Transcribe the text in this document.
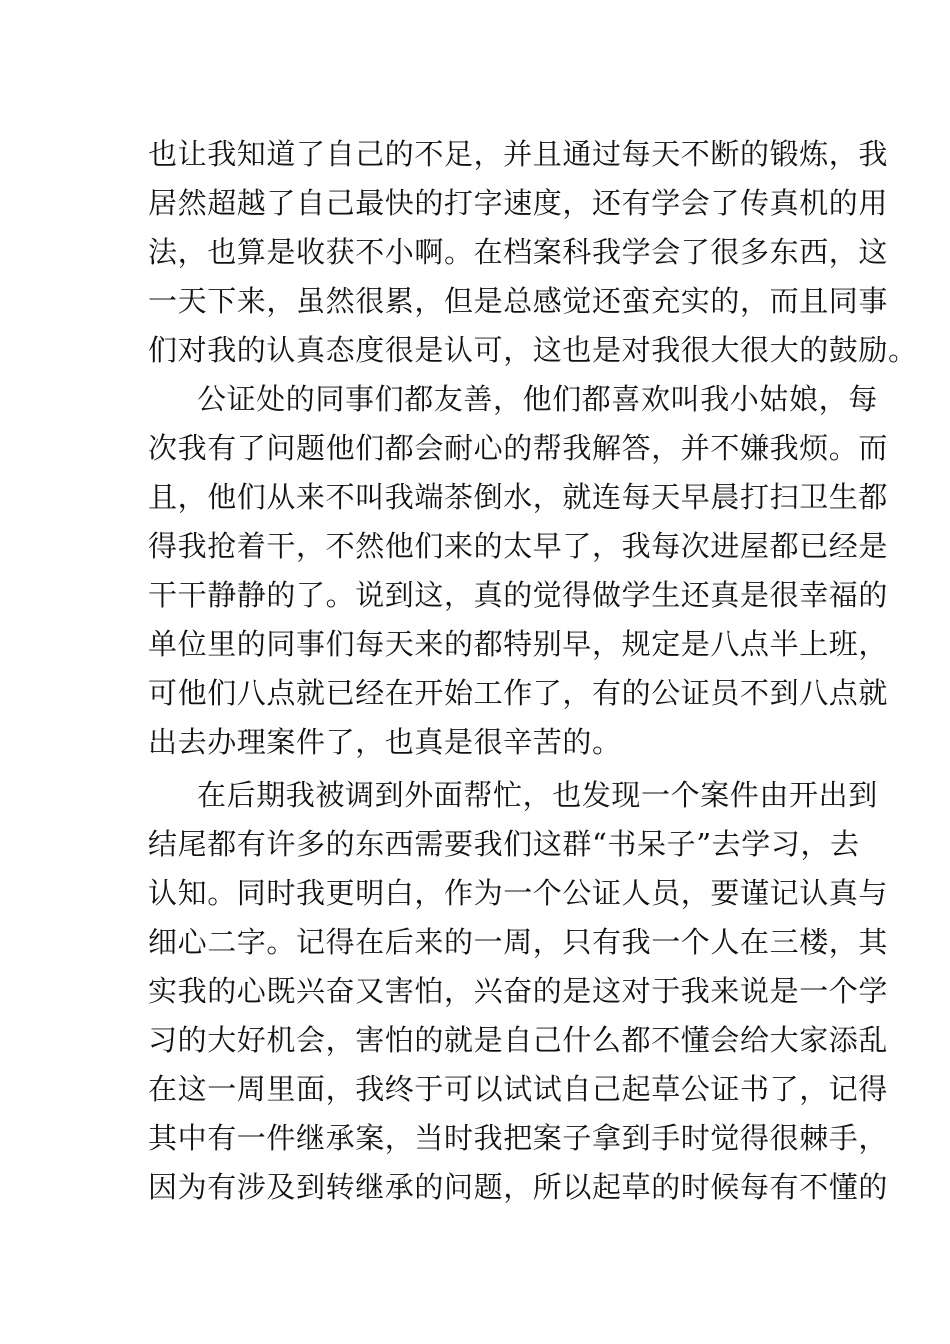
也让我知道了自己的不足，并且通过每天不断的锻炼，我
居然超越了自己最快的打字速度，还有学会了传真机的用
法，也算是收获不小啊。在档案科我学会了很多东西，这
一天下来，虽然很累，但是总感觉还蛮充实的，而且同事
们对我的认真态度很是认可，这也是对我很大很大的鼓励。
公证处的同事们都友善，他们都喜欢叫我小姑娘，每
次我有了问题他们都会耐心的帮我解答，并不嫌我烦。而
且，他们从来不叫我端茶倒水，就连每天早晨打扫卫生都
得我抢着干，不然他们来的太早了，我每次进屋都已经是
干干静静的了。说到这，真的觉得做学生还真是很幸福的
单位里的同事们每天来的都特别早，规定是八点半上班，
可他们八点就已经在开始工作了，有的公证员不到八点就
出去办理案件了，也真是很辛苦的。
在后期我被调到外面帮忙，也发现一个案件由开出到
结尾都有许多的东西需要我们这群“书呆子”去学习，去
认知。同时我更明白，作为一个公证人员，要谨记认真与
细心二字。记得在后来的一周，只有我一个人在三楼，其
实我的心既兴奋又害怕，兴奋的是这对于我来说是一个学
习的大好机会，害怕的就是自己什么都不懂会给大家添乱
在这一周里面，我终于可以试试自己起草公证书了，记得
其中有一件继承案，当时我把案子拿到手时觉得很棘手，
因为有涉及到转继承的问题，所以起草的时候每有不懂的
